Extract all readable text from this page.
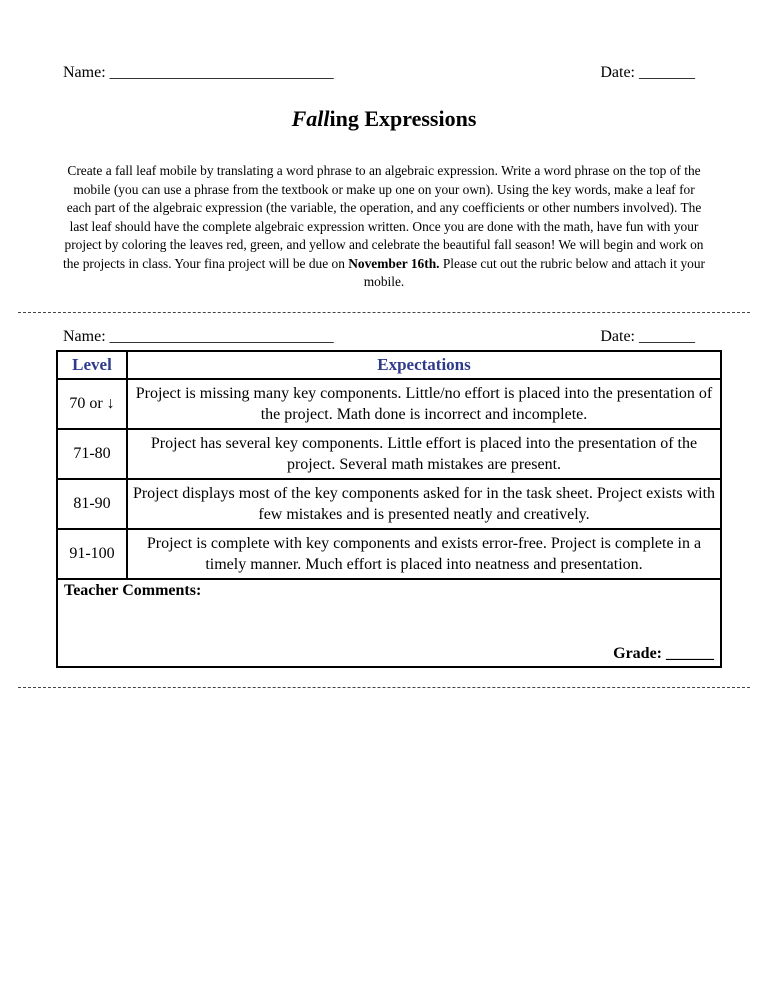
Name: ____________________________	Date: _______
Falling Expressions
Create a fall leaf mobile by translating a word phrase to an algebraic expression. Write a word phrase on the top of the mobile (you can use a phrase from the textbook or make up one on your own). Using the key words, make a leaf for each part of the algebraic expression (the variable, the operation, and any coefficients or other numbers involved). The last leaf should have the complete algebraic expression written. Once you are done with the math, have fun with your project by coloring the leaves red, green, and yellow and celebrate the beautiful fall season! We will begin and work on the projects in class. Your fina project will be due on November 16th. Please cut out the rubric below and attach it your mobile.
Name: ____________________________	Date: _______
Level	Expectations
70 or ↓	Project is missing many key components. Little/no effort is placed into the presentation of the project. Math done is incorrect and incomplete.
71-80	Project has several key components. Little effort is placed into the presentation of the project. Several math mistakes are present.
81-90	Project displays most of the key components asked for in the task sheet. Project exists with few mistakes and is presented neatly and creatively.
91-100	Project is complete with key components and exists error-free. Project is complete in a timely manner. Much effort is placed into neatness and presentation.

Teacher Comments:
Grade: ______	
